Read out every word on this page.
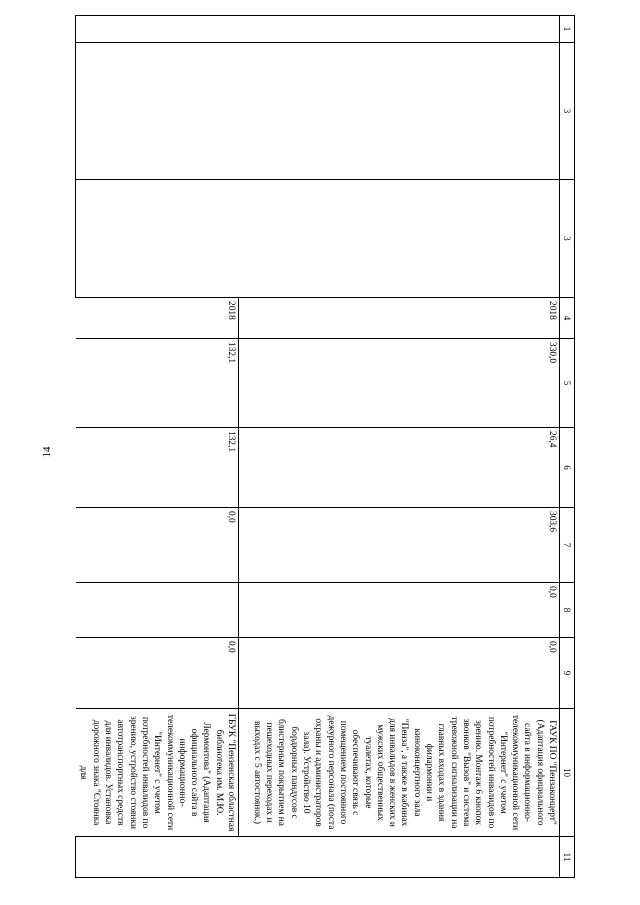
14
1	3	3	4	5	6	7	8	9	10	11
			2018	330,0	26,4	303,6	0,0	0,0	ГАУК ПО "Пензаконцерт" (Адаптация официального сайта в информационно-телекоммуникационной сети "Интернет" с учетом потребностей инвалидов по зрению. Монтаж 6 кнопок звонков "Вызов" и система тревожной сигнализации на главных входах в здания филармонии и киноконцертного зала "Пенза", а также в кабинах для инвалидов в женских и мужских общественных туалетах, которые обеспечивают связь с помещением постоянного дежурного персонала (поста охраны и администраторов зала). Устройство 10 бордюрных пандусов с блистерным покрытием на пешеходных переходах и выходах с 5 автостоянок.)	
			2018	132,1	132,1	0,0		0,0	ГБУК "Пензенская областная библиотека им. М.Ю. Лермонтова" (Адаптация официального сайта в информационно-телекоммуникационной сети "Интернет" с учетом потребностей инвалидов по зрению, устройство стоянки автотранспортных средств для инвалидов. Установка дорожного знака "Стоянка для	
